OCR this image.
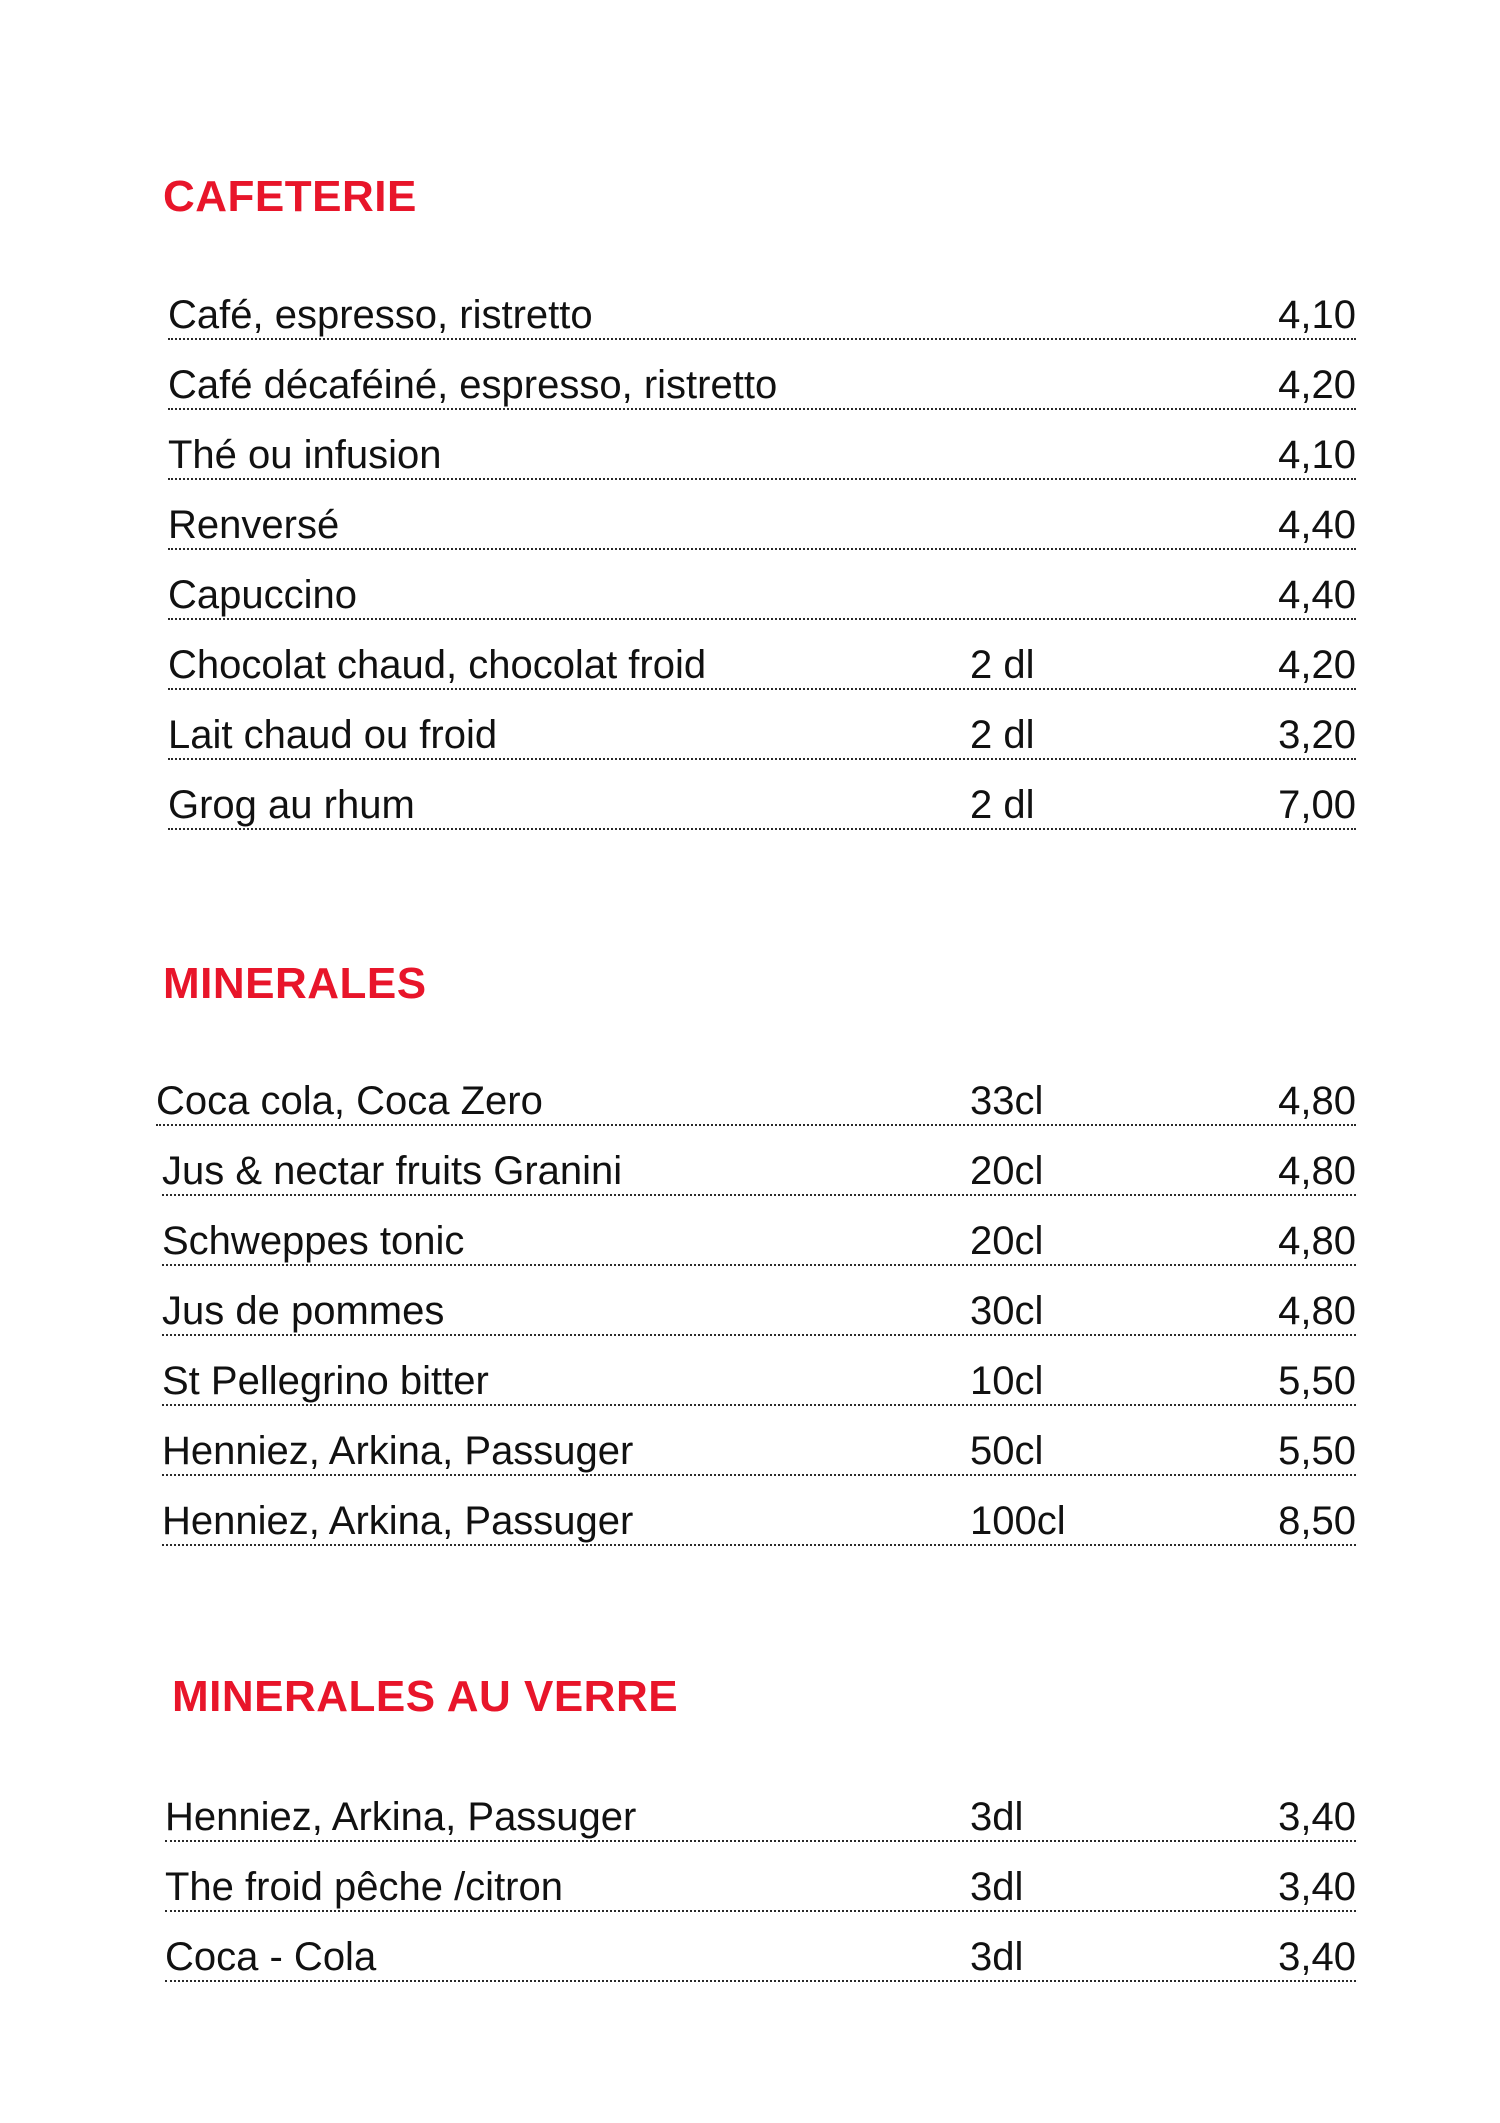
CAFETERIE
Café, espresso, ristretto	4,10
Café décaféiné, espresso, ristretto	4,20
Thé ou infusion	4,10
Renversé	4,40
Capuccino	4,40
Chocolat chaud, chocolat froid	2 dl	4,20
Lait chaud ou froid	2 dl	3,20
Grog au rhum	2 dl	7,00
MINERALES
Coca cola, Coca Zero	33cl	4,80
Jus & nectar fruits Granini	20cl	4,80
Schweppes tonic	20cl	4,80
Jus de pommes	30cl	4,80
St Pellegrino bitter	10cl	5,50
Henniez, Arkina, Passuger	50cl	5,50
Henniez, Arkina, Passuger	100cl	8,50
MINERALES AU VERRE
Henniez, Arkina, Passuger	3dl	3,40
The froid pêche /citron	3dl	3,40
Coca - Cola	3dl	3,40
